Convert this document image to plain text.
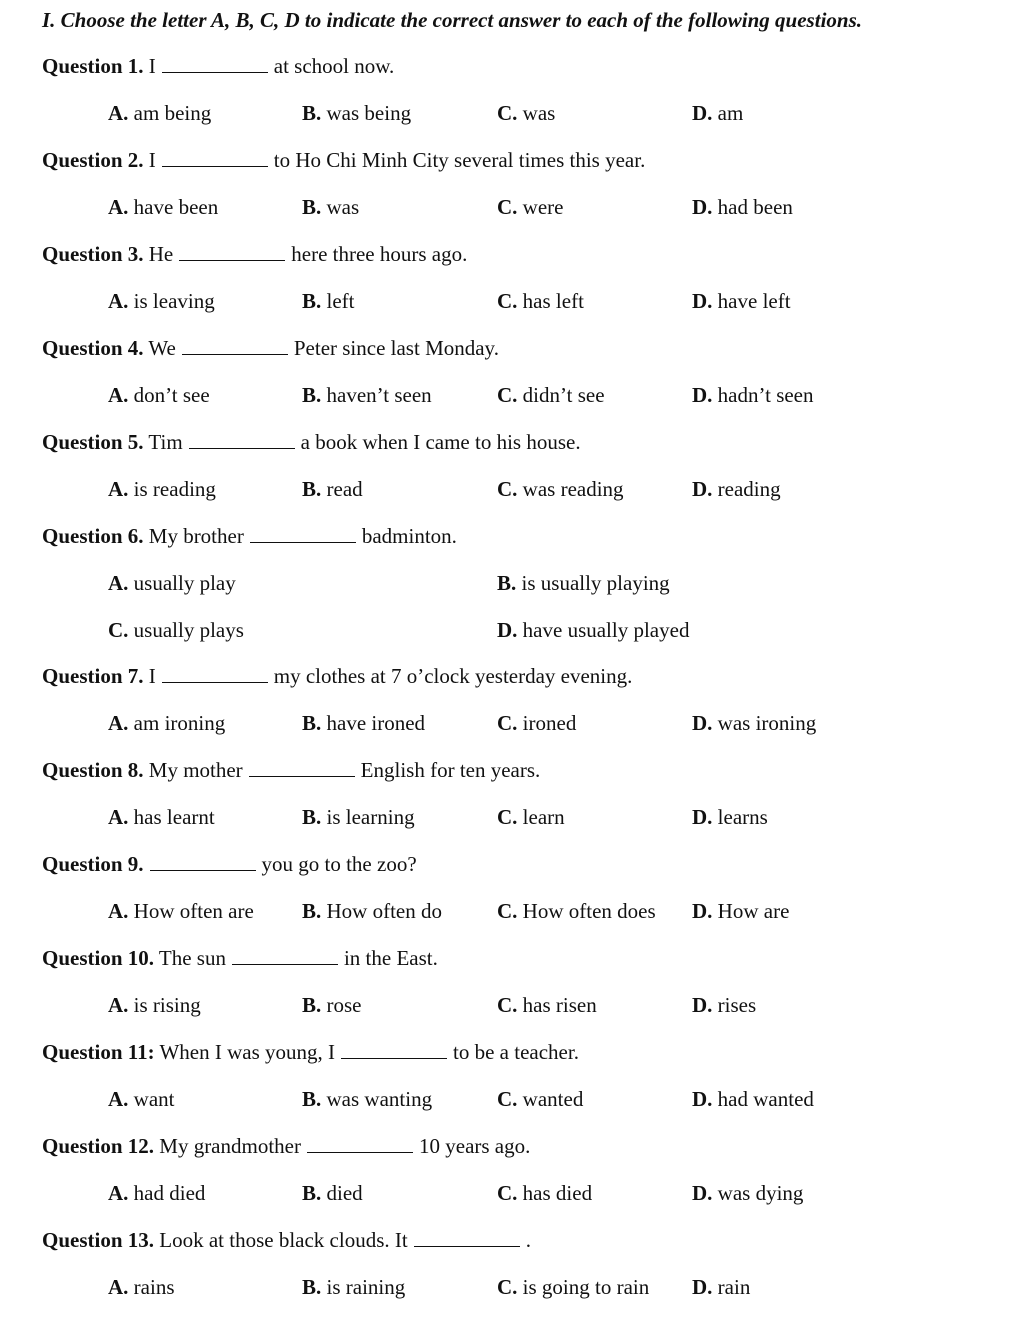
I. Choose the letter A, B, C, D to indicate the correct answer to each of the following questions.
Question 1. I	at school now.
A. am being	B. was being	C. was	D. am
Question 2. I	to Ho Chi Minh City several times this year.
A. have been	B. was	C. were	D. had been
Question 3. He	here three hours ago.
A. is leaving	B. left	C. has left	D. have left
Question 4. We	Peter since last Monday.
A. don’t see	B. haven’t seen	C. didn’t see	D. hadn’t seen
Question 5. Tim	a book when I came to his house.
A. is reading	B. read	C. was reading	D. reading
Question 6. My brother	badminton.
A. usually play	B. is usually playing
C. usually plays	D. have usually played
Question 7. I	my clothes at 7 o’clock yesterday evening.
A. am ironing	B. have ironed	C. ironed	D. was ironing
Question 8. My mother	English for ten years.
A. has learnt	B. is learning	C. learn	D. learns
Question 9.	you go to the zoo?
A. How often are B. How often do	C. How often does D. How are
Question 10. The sun	in the East.
A. is rising	B. rose	C. has risen	D. rises
Question 11: When I was young, I	to be a teacher.
A. want	B. was wanting	C. wanted	D. had wanted
Question 12. My grandmother	10 years ago.
A. had died	B. died	C. has died	D. was dying
Question 13. Look at those black clouds. It	.
A. rains	B. is raining	C. is going to rain D. rain
